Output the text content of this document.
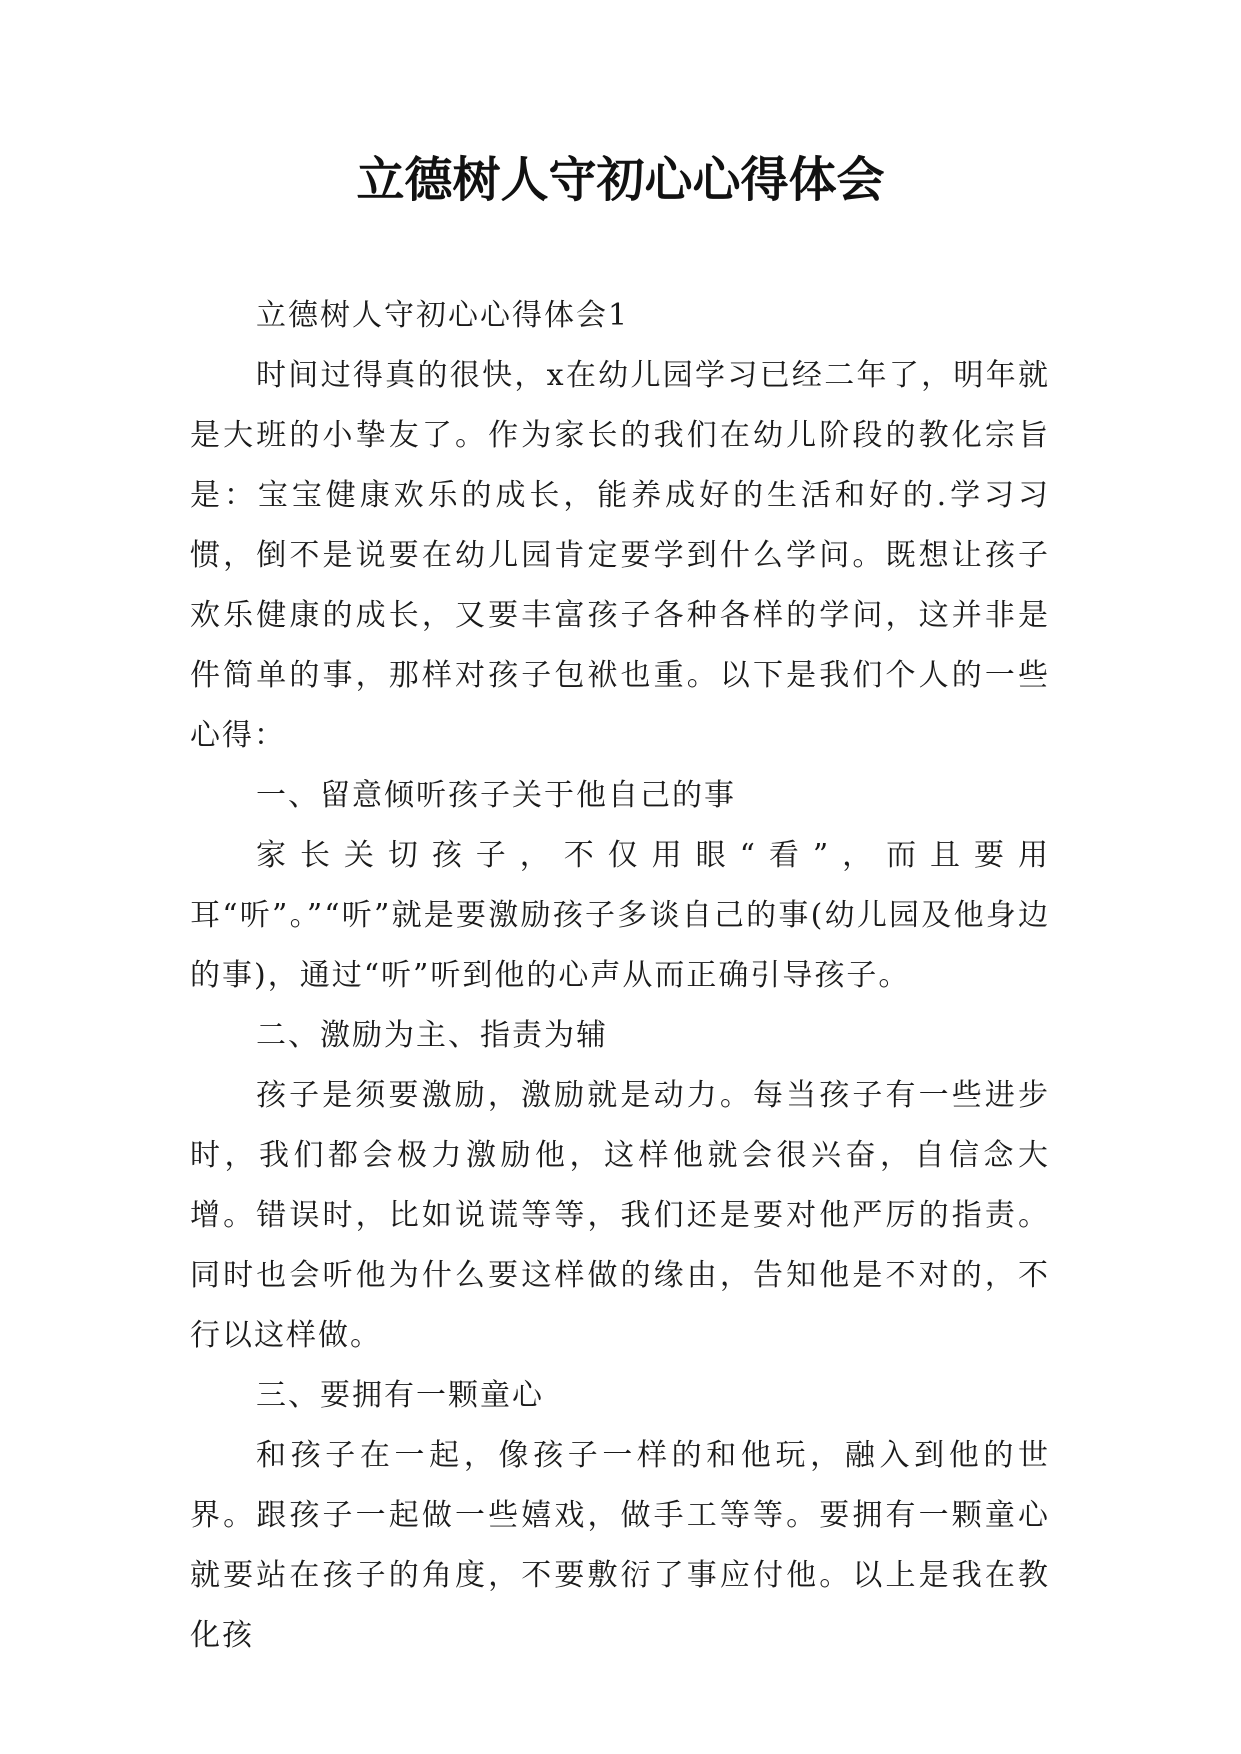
立德树人守初心心得体会

立德树人守初心心得体会1

时间过得真的很快，x在幼儿园学习已经二年了，明年就是大班的小挚友了。作为家长的我们在幼儿阶段的教化宗旨是：宝宝健康欢乐的成长，能养成好的生活和好的.学习习惯，倒不是说要在幼儿园肯定要学到什么学问。既想让孩子欢乐健康的成长，又要丰富孩子各种各样的学问，这并非是件简单的事，那样对孩子包袱也重。以下是我们个人的一些心得：

一、留意倾听孩子关于他自己的事

家长关切孩子，不仅用眼“看”，而且要用耳“听”。”“听”就是要激励孩子多谈自己的事(幼儿园及他身边的事)，通过“听”听到他的心声从而正确引导孩子。

二、激励为主、指责为辅

孩子是须要激励，激励就是动力。每当孩子有一些进步时，我们都会极力激励他，这样他就会很兴奋，自信念大增。错误时，比如说谎等等，我们还是要对他严厉的指责。同时也会听他为什么要这样做的缘由，告知他是不对的，不行以这样做。

三、要拥有一颗童心

和孩子在一起，像孩子一样的和他玩，融入到他的世界。跟孩子一起做一些嬉戏，做手工等等。要拥有一颗童心就要站在孩子的角度，不要敷衍了事应付他。以上是我在教化孩
